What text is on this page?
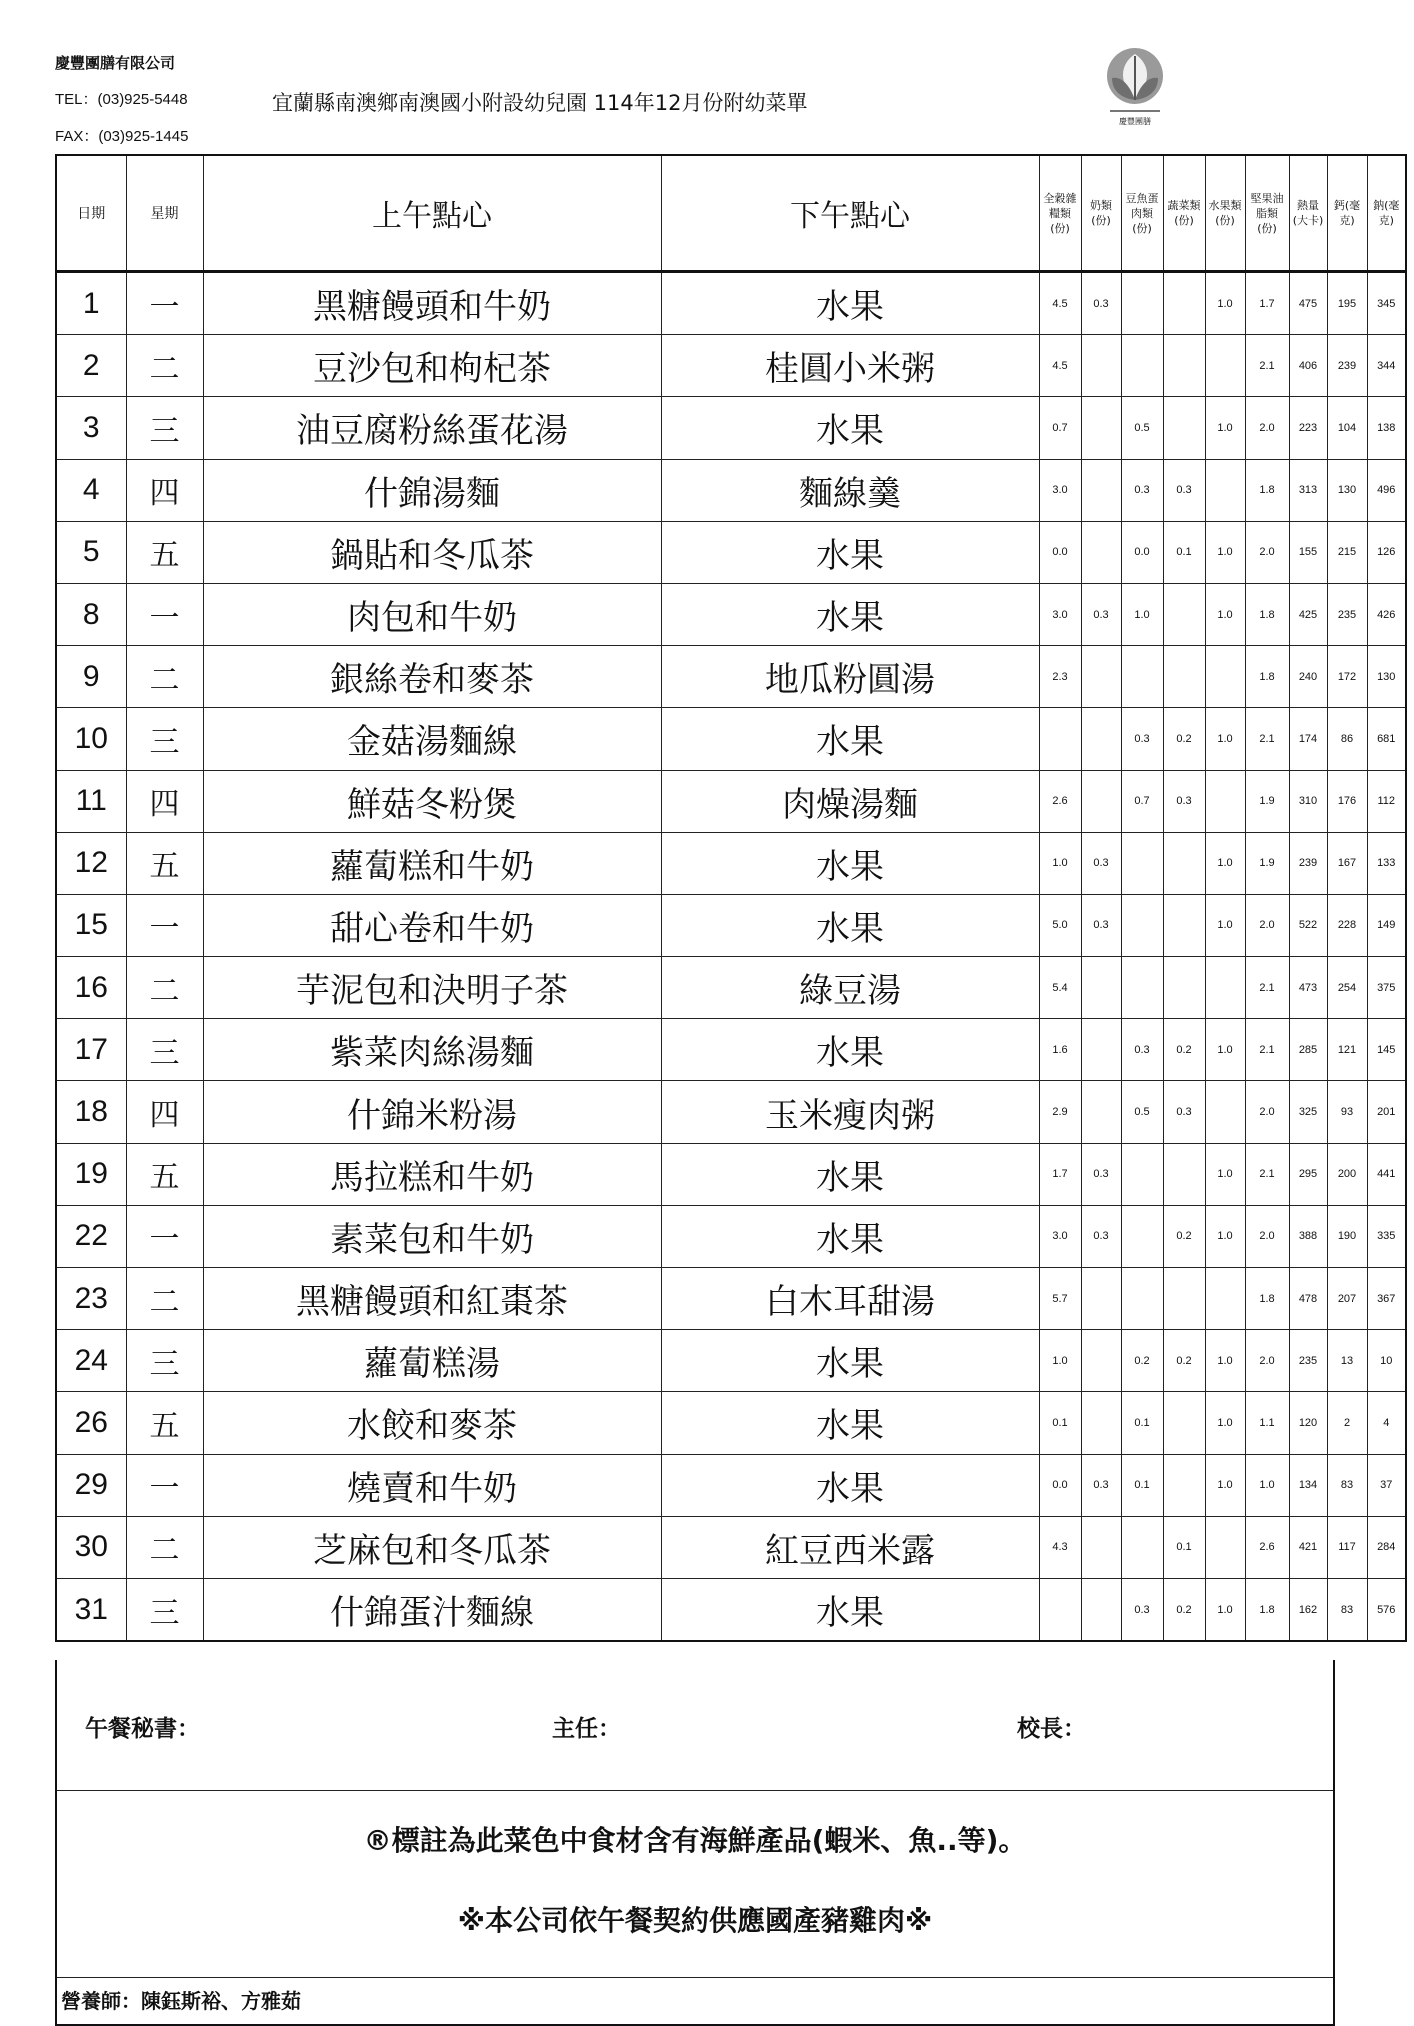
慶豐團膳有限公司
TEL：(03)925-5448
FAX：(03)925-1445
宜蘭縣南澳鄉南澳國小附設幼兒園 114年12月份附幼菜單
慶豐團膳
日期	星期	上午點心	下午點心	全穀雜糧類(份)	奶類(份)	豆魚蛋肉類(份)	蔬菜類(份)	水果類(份)	堅果油脂類(份)	熱量(大卡)	鈣(毫克)	鈉(毫克)
1	一	黑糖饅頭和牛奶	水果	4.5	0.3			1.0	1.7	475	195	345
2	二	豆沙包和枸杞茶	桂圓小米粥	4.5					2.1	406	239	344
3	三	油豆腐粉絲蛋花湯	水果	0.7		0.5		1.0	2.0	223	104	138
4	四	什錦湯麵	麵線羹	3.0		0.3	0.3		1.8	313	130	496
5	五	鍋貼和冬瓜茶	水果	0.0		0.0	0.1	1.0	2.0	155	215	126
8	一	肉包和牛奶	水果	3.0	0.3	1.0		1.0	1.8	425	235	426
9	二	銀絲卷和麥茶	地瓜粉圓湯	2.3					1.8	240	172	130
10	三	金菇湯麵線	水果			0.3	0.2	1.0	2.1	174	86	681
11	四	鮮菇冬粉煲	肉燥湯麵	2.6		0.7	0.3		1.9	310	176	112
12	五	蘿蔔糕和牛奶	水果	1.0	0.3			1.0	1.9	239	167	133
15	一	甜心卷和牛奶	水果	5.0	0.3			1.0	2.0	522	228	149
16	二	芋泥包和決明子茶	綠豆湯	5.4					2.1	473	254	375
17	三	紫菜肉絲湯麵	水果	1.6		0.3	0.2	1.0	2.1	285	121	145
18	四	什錦米粉湯	玉米瘦肉粥	2.9		0.5	0.3		2.0	325	93	201
19	五	馬拉糕和牛奶	水果	1.7	0.3			1.0	2.1	295	200	441
22	一	素菜包和牛奶	水果	3.0	0.3		0.2	1.0	2.0	388	190	335
23	二	黑糖饅頭和紅棗茶	白木耳甜湯	5.7					1.8	478	207	367
24	三	蘿蔔糕湯	水果	1.0		0.2	0.2	1.0	2.0	235	13	10
26	五	水餃和麥茶	水果	0.1		0.1		1.0	1.1	120	2	4
29	一	燒賣和牛奶	水果	0.0	0.3	0.1		1.0	1.0	134	83	37
30	二	芝麻包和冬瓜茶	紅豆西米露	4.3			0.1		2.6	421	117	284
31	三	什錦蛋汁麵線	水果			0.3	0.2	1.0	1.8	162	83	576
午餐秘書：	主任：	校長：
®標註為此菜色中食材含有海鮮產品(蝦米、魚..等)。
※本公司依午餐契約供應國產豬雞肉※
營養師：陳鈺斯裕、方雅茹
